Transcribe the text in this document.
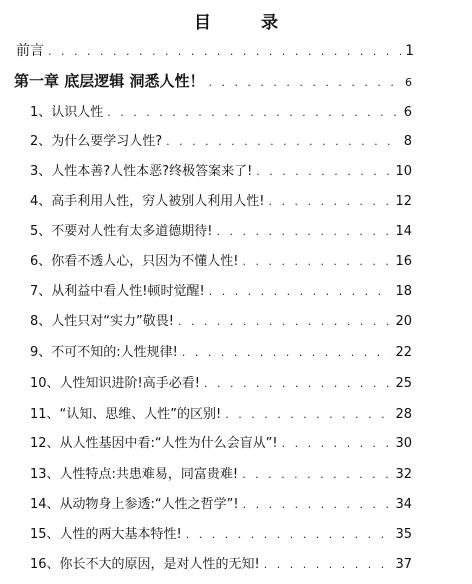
目 录
前言 . . .	1
第一章 底层逻辑 洞悉人性！ . . .	6
1、认识人性 . . .	6
2、为什么要学习人性? . . .	8
3、人性本善?人性本恶?终极答案来了! . . .	10
4、高手利用人性，穷人被别人利用人性! . . .	12
5、不要对人性有太多道德期待! . . .	14
6、你看不透人心，只因为不懂人性! . . .	16
7、从利益中看人性!顿时觉醒! . . .	18
8、人性只对“实力”敬畏! . . .	20
9、不可不知的:人性规律! . . .	22
10、人性知识进阶!高手必看! . . .	25
11、“认知、思维、人性”的区别! . . .	28
12、从人性基因中看:“人性为什么会盲从”! . . .	30
13、人性特点:共患难易，同富贵难! . . .	32
14、从动物身上参透:“人性之哲学”! . . .	34
15、人性的两大基本特性! . . .	35
16、你长不大的原因，是对人性的无知! . . .	37
